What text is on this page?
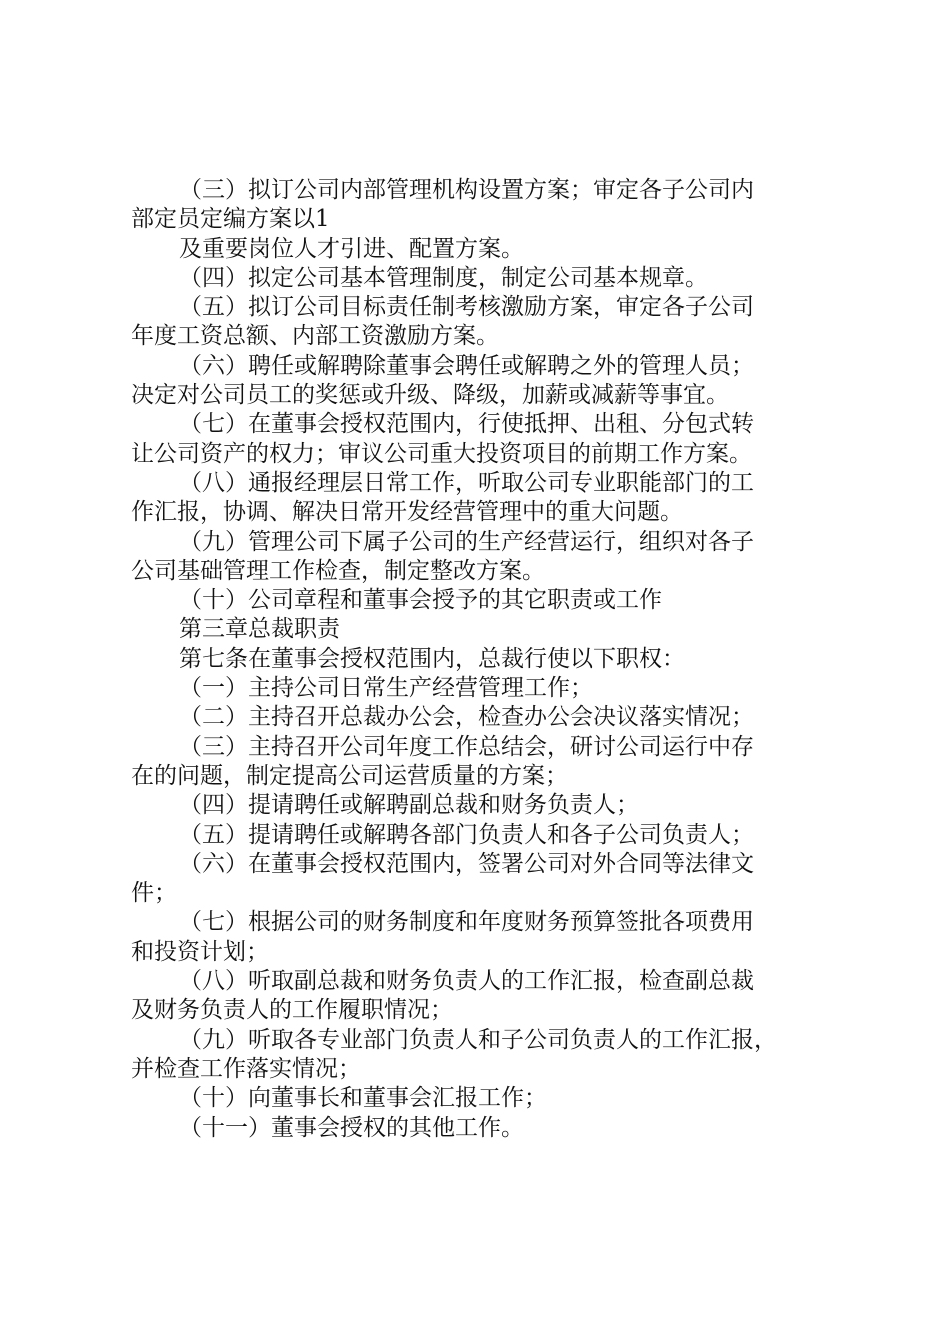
（三）拟订公司内部管理机构设置方案；审定各子公司内
部定员定编方案以1
及重要岗位人才引进、配置方案。
（四）拟定公司基本管理制度，制定公司基本规章。
（五）拟订公司目标责任制考核激励方案，审定各子公司
年度工资总额、内部工资激励方案。
（六）聘任或解聘除董事会聘任或解聘之外的管理人员；
决定对公司员工的奖惩或升级、降级，加薪或减薪等事宜。
（七）在董事会授权范围内，行使抵押、出租、分包式转
让公司资产的权力；审议公司重大投资项目的前期工作方案。
（八）通报经理层日常工作，听取公司专业职能部门的工
作汇报，协调、解决日常开发经营管理中的重大问题。
（九）管理公司下属子公司的生产经营运行，组织对各子
公司基础管理工作检查，制定整改方案。
（十）公司章程和董事会授予的其它职责或工作
第三章总裁职责
第七条在董事会授权范围内，总裁行使以下职权：
（一）主持公司日常生产经营管理工作；
（二）主持召开总裁办公会，检查办公会决议落实情况；
（三）主持召开公司年度工作总结会，研讨公司运行中存
在的问题，制定提高公司运营质量的方案；
（四）提请聘任或解聘副总裁和财务负责人；
（五）提请聘任或解聘各部门负责人和各子公司负责人；
（六）在董事会授权范围内，签署公司对外合同等法律文
件；
（七）根据公司的财务制度和年度财务预算签批各项费用
和投资计划；
（八）听取副总裁和财务负责人的工作汇报，检查副总裁
及财务负责人的工作履职情况；
（九）听取各专业部门负责人和子公司负责人的工作汇报，
并检查工作落实情况；
（十）向董事长和董事会汇报工作；
（十一）董事会授权的其他工作。
